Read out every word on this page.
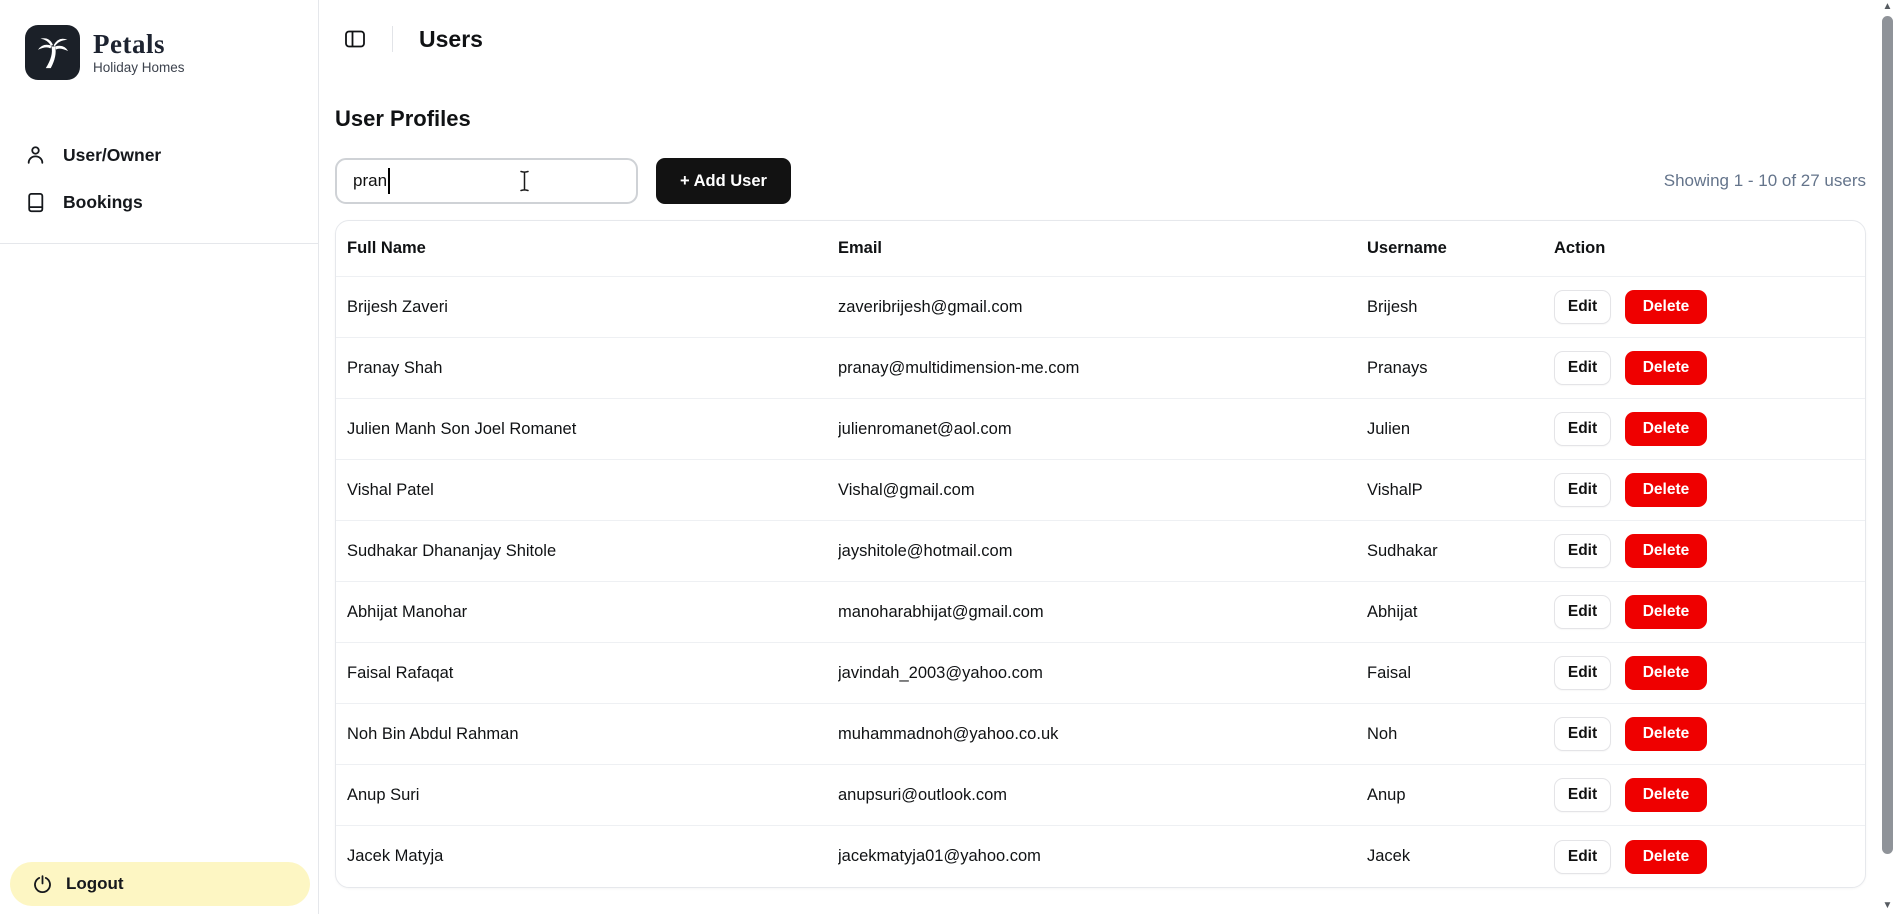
Petals
Holiday Homes
User/Owner
Bookings
Logout
Users
User Profiles
pran
+ Add User	Showing 1 - 10 of 27 users
Full Name	Email	Username	Action
Brijesh Zaveri	zaveribrijesh@gmail.com	Brijesh	Edit	Delete
Pranay Shah	pranay@multidimension-me.com	Pranays	Edit	Delete
Julien Manh Son Joel Romanet	julienromanet@aol.com	Julien	Edit	Delete
Vishal Patel	Vishal@gmail.com	VishalP	Edit	Delete
Sudhakar Dhananjay Shitole	jayshitole@hotmail.com	Sudhakar	Edit	Delete
Abhijat Manohar	manoharabhijat@gmail.com	Abhijat	Edit	Delete
Faisal Rafaqat	javindah_2003@yahoo.com	Faisal	Edit	Delete
Noh Bin Abdul Rahman	muhammadnoh@yahoo.co.uk	Noh	Edit	Delete
Anup Suri	anupsuri@outlook.com	Anup	Edit	Delete
Jacek Matyja	jacekmatyja01@yahoo.com	Jacek	Edit	Delete
▲
▼
